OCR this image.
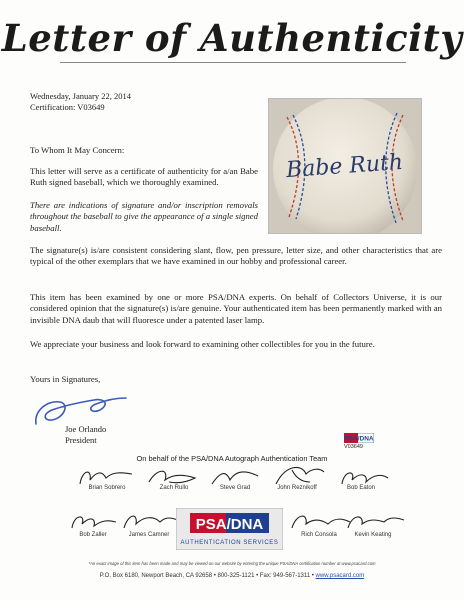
Letter of Authenticity
Wednesday, January 22, 2014
Certification: V03649
Babe Ruth
To Whom It May Concern:
This letter will serve as a certificate of authenticity for a/an Babe Ruth signed baseball, which we thoroughly examined.
There are indications of signature and/or inscription removals throughout the baseball to give the appearance of a single signed baseball.
The signature(s) is/are consistent considering slant, flow, pen pressure, letter size, and other characteristics that are typical of the other exemplars that we have examined in our hobby and professional career.
This item has been examined by one or more PSA/DNA experts. On behalf of Collectors Universe, it is our considered opinion that the signature(s) is/are genuine. Your authenticated item has been permanently marked with an invisible DNA daub that will fluoresce under a patented laser lamp.
We appreciate your business and look forward to examining other collectibles for you in the future.
Yours in Signatures,
Joe Orlando
President	PSA/DNA
V03649
On behalf of the PSA/DNA Autograph Authentication Team
Brian Sobrero	Zach Rullo	Steve Grad	John Reznikoff	Bob Eaton
Bob Zaller	James Camner
PSA/DNA
AUTHENTICATION SERVICES
Rich Consola	Kevin Keating
*An exact image of this item has been made and may be viewed on our website by entering the unique PSA/DNA certification number at www.psacard.com
P.O. Box 6180, Newport Beach, CA 92658 • 800-325-1121 • Fax: 949-567-1311 • www.psacard.com
